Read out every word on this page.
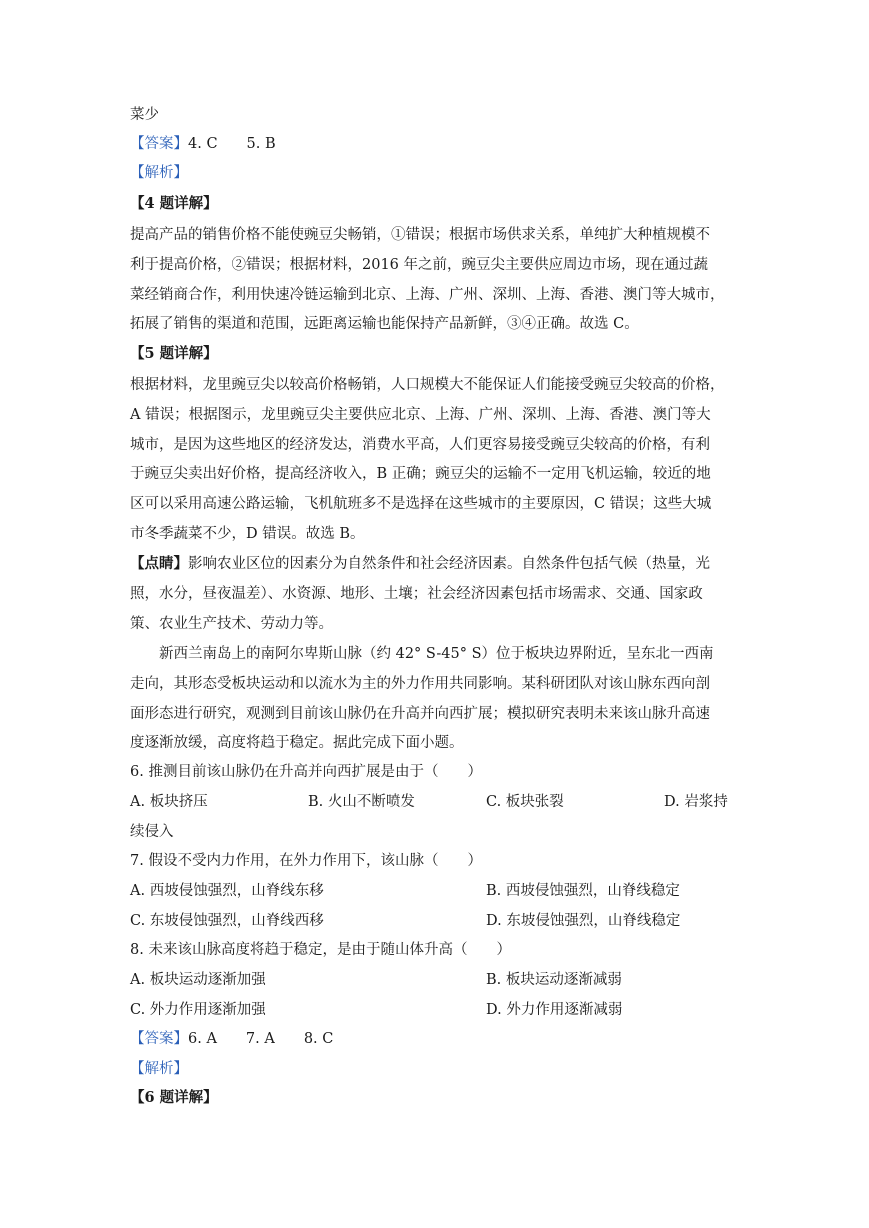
菜少
【答案】4. C　　5. B
【解析】
【4 题详解】
提高产品的销售价格不能使豌豆尖畅销，①错误；根据市场供求关系，单纯扩大种植规模不
利于提高价格，②错误；根据材料，2016 年之前，豌豆尖主要供应周边市场，现在通过蔬
菜经销商合作，利用快速冷链运输到北京、上海、广州、深圳、上海、香港、澳门等大城市，
拓展了销售的渠道和范围，远距离运输也能保持产品新鲜，③④正确。故选 C。
【5 题详解】
根据材料，龙里豌豆尖以较高价格畅销，人口规模大不能保证人们能接受豌豆尖较高的价格，
A 错误；根据图示，龙里豌豆尖主要供应北京、上海、广州、深圳、上海、香港、澳门等大
城市，是因为这些地区的经济发达，消费水平高，人们更容易接受豌豆尖较高的价格，有利
于豌豆尖卖出好价格，提高经济收入，B 正确；豌豆尖的运输不一定用飞机运输，较近的地
区可以采用高速公路运输，飞机航班多不是选择在这些城市的主要原因，C 错误；这些大城
市冬季蔬菜不少，D 错误。故选 B。
【点睛】影响农业区位的因素分为自然条件和社会经济因素。自然条件包括气候（热量，光
照，水分，昼夜温差）、水资源、地形、土壤；社会经济因素包括市场需求、交通、国家政
策、农业生产技术、劳动力等。
　　新西兰南岛上的南阿尔卑斯山脉（约 42° S-45° S）位于板块边界附近，呈东北一西南
走向，其形态受板块运动和以流水为主的外力作用共同影响。某科研团队对该山脉东西向剖
面形态进行研究，观测到目前该山脉仍在升高并向西扩展；模拟研究表明未来该山脉升高速
度逐渐放缓，高度将趋于稳定。据此完成下面小题。
6. 推测目前该山脉仍在升高并向西扩展是由于（　　）
A. 板块挤压	B. 火山不断喷发	C. 板块张裂	D. 岩浆持
续侵入
7. 假设不受内力作用，在外力作用下，该山脉（　　）
A. 西坡侵蚀强烈，山脊线东移	B. 西坡侵蚀强烈，山脊线稳定
C. 东坡侵蚀强烈，山脊线西移	D. 东坡侵蚀强烈，山脊线稳定
8. 未来该山脉高度将趋于稳定，是由于随山体升高（　　）
A. 板块运动逐渐加强	B. 板块运动逐渐减弱
C. 外力作用逐渐加强	D. 外力作用逐渐减弱
【答案】6. A　　7. A　　8. C
【解析】
【6 题详解】
